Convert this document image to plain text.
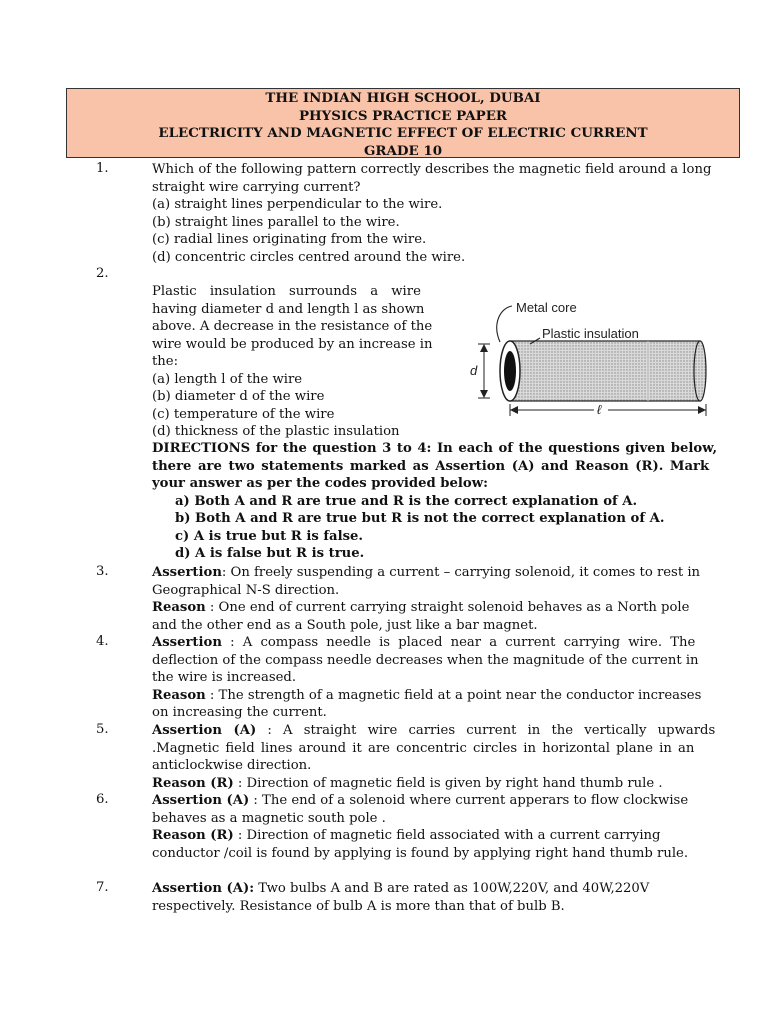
THE INDIAN HIGH SCHOOL, DUBAI
PHYSICS PRACTICE PAPER
ELECTRICITY AND MAGNETIC EFFECT OF ELECTRIC CURRENT
GRADE 10
1.	Which of the following pattern correctly describes the magnetic field around a long
straight wire carrying current?
(a) straight lines perpendicular to the wire.
(b) straight lines parallel to the wire.
(c) radial lines originating from the wire.
(d) concentric circles centred around the wire.
2.
Plastic insulation surrounds a wire
having diameter d and length l as shown
above. A decrease in the resistance of the
wire would be produced by an increase in
the:
(a) length l of the wire
(b) diameter d of the wire
(c) temperature of the wire
(d) thickness of the plastic insulation
Metal core
Plastic insulation
d
ℓ
DIRECTIONS for the question 3 to 4: In each of the questions given below,
there are two statements marked as Assertion (A) and Reason (R). Mark
your answer as per the codes provided below:
a) Both A and R are true and R is the correct explanation of A.
b) Both A and R are true but R is not the correct explanation of A.
c) A is true but R is false.
d) A is false but R is true.
3.	Assertion: On freely suspending a current – carrying solenoid, it comes to rest in
Geographical N-S direction.
Reason : One end of current carrying straight solenoid behaves as a North pole
and the other end as a South pole, just like a bar magnet.
4.	Assertion : A compass needle is placed near a current carrying wire. The
deflection of the compass needle decreases when the magnitude of the current in
the wire is increased.
Reason : The strength of a magnetic field at a point near the conductor increases
on increasing the current.
5.	Assertion (A) : A straight wire carries current in the vertically upwards
.Magnetic field lines around it are concentric circles in horizontal plane in an
anticlockwise direction.
Reason (R) : Direction of magnetic field is given by right hand thumb rule .
6.	Assertion (A) : The end of a solenoid where current apperars to flow clockwise
behaves as a magnetic south pole .
Reason (R) : Direction of magnetic field associated with a current carrying
conductor /coil is found by applying is found by applying right hand thumb rule.
7.	Assertion (A): Two bulbs A and B are rated as 100W,220V, and 40W,220V
respectively. Resistance of bulb A is more than that of bulb B.
